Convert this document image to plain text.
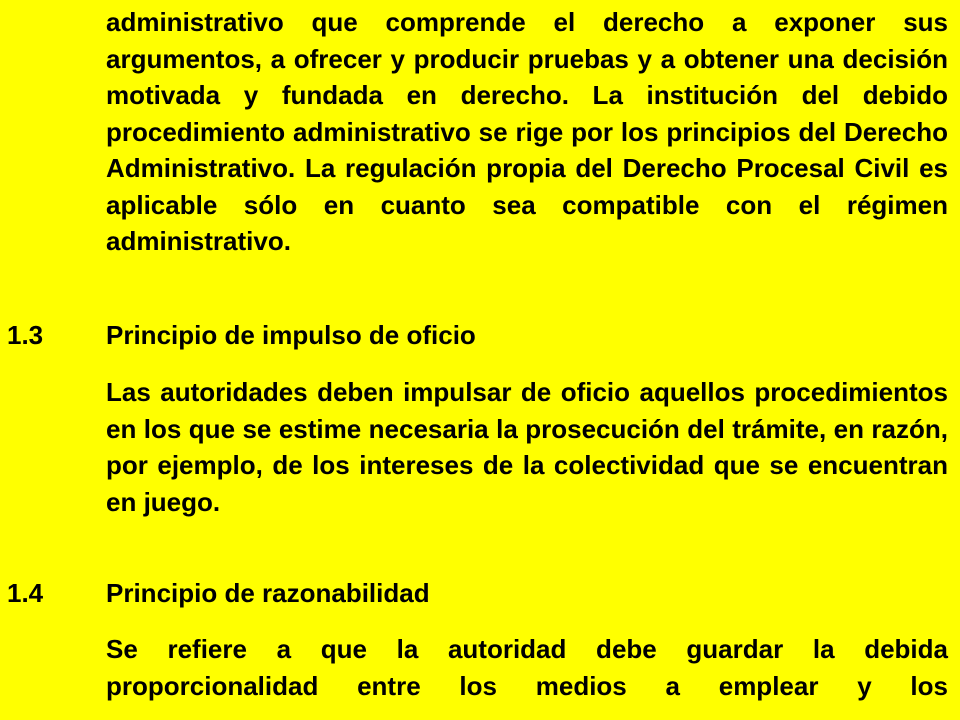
administrativo que comprende el derecho a exponer sus argumentos, a ofrecer y producir pruebas y a obtener una decisión motivada y fundada en derecho. La institución del debido procedimiento administrativo se rige por los principios del Derecho Administrativo. La regulación propia del Derecho Procesal Civil es aplicable sólo en cuanto sea compatible con el régimen administrativo.

1.3 Principio de impulso de oficio

Las autoridades deben impulsar de oficio aquellos procedimientos en los que se estime necesaria la prosecución del trámite, en razón, por ejemplo, de los intereses de la colectividad que se encuentran en juego.

1.4 Principio de razonabilidad

Se refiere a que la autoridad debe guardar la debida proporcionalidad entre los medios a emplear y los
